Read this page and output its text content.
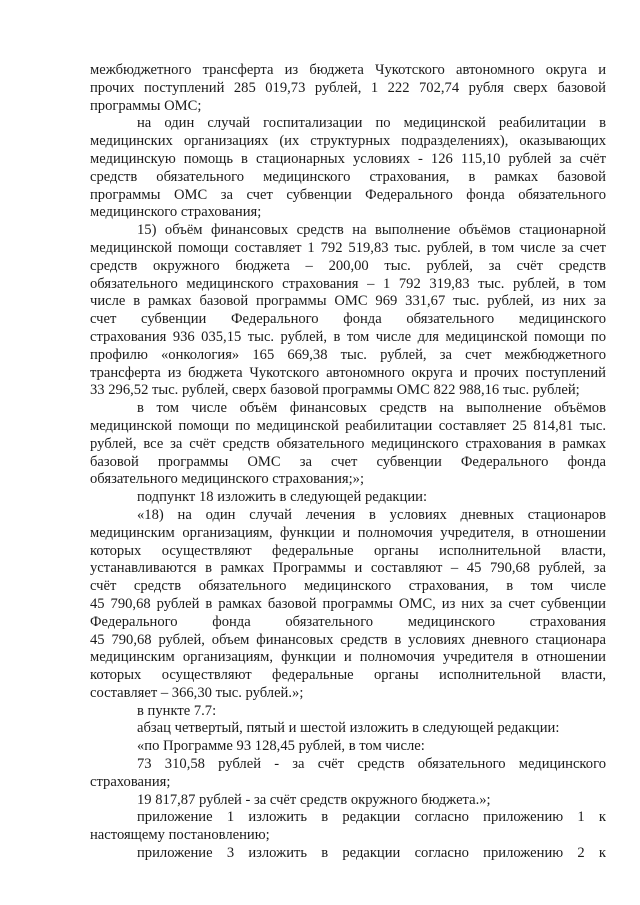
межбюджетного трансферта из бюджета Чукотского автономного округа и
прочих поступлений 285 019,73 рублей, 1 222 702,74 рубля сверх базовой
программы ОМС;

на один случай госпитализации по медицинской реабилитации в
медицинских организациях (их структурных подразделениях), оказывающих
медицинскую помощь в стационарных условиях - 126 115,10 рублей за счёт
средств обязательного медицинского страхования, в рамках базовой
программы ОМС за счет субвенции Федерального фонда обязательного
медицинского страхования;

15) объём финансовых средств на выполнение объёмов стационарной
медицинской помощи составляет 1 792 519,83 тыс. рублей, в том числе за счет
средств окружного бюджета – 200,00 тыс. рублей, за счёт средств
обязательного медицинского страхования – 1 792 319,83 тыс. рублей, в том
числе в рамках базовой программы ОМС 969 331,67 тыс. рублей, из них за
счет субвенции Федерального фонда обязательного медицинского
страхования 936 035,15 тыс. рублей, в том числе для медицинской помощи по
профилю «онкология» 165 669,38 тыс. рублей, за счет межбюджетного
трансферта из бюджета Чукотского автономного округа и прочих поступлений
33 296,52 тыс. рублей, сверх базовой программы ОМС 822 988,16 тыс. рублей;

в том числе объём финансовых средств на выполнение объёмов
медицинской помощи по медицинской реабилитации составляет 25 814,81 тыс.
рублей, все за счёт средств обязательного медицинского страхования в рамках
базовой программы ОМС за счет субвенции Федерального фонда
обязательного медицинского страхования;»;

подпункт 18 изложить в следующей редакции:

«18) на один случай лечения в условиях дневных стационаров
медицинским организациям, функции и полномочия учредителя, в отношении
которых осуществляют федеральные органы исполнительной власти,
устанавливаются в рамках Программы и составляют – 45 790,68 рублей, за
счёт средств обязательного медицинского страхования, в том числе
45 790,68 рублей в рамках базовой программы ОМС, из них за счет субвенции
Федерального фонда обязательного медицинского страхования
45 790,68 рублей, объем финансовых средств в условиях дневного стационара
медицинским организациям, функции и полномочия учредителя в отношении
которых осуществляют федеральные органы исполнительной власти,
составляет – 366,30 тыс. рублей.»;

в пункте 7.7:

абзац четвертый, пятый и шестой изложить в следующей редакции:

«по Программе 93 128,45 рублей, в том числе:

73 310,58 рублей - за счёт средств обязательного медицинского
страхования;

19 817,87 рублей - за счёт средств окружного бюджета.»;

приложение 1 изложить в редакции согласно приложению 1 к
настоящему постановлению;

приложение 3 изложить в редакции согласно приложению 2 к
